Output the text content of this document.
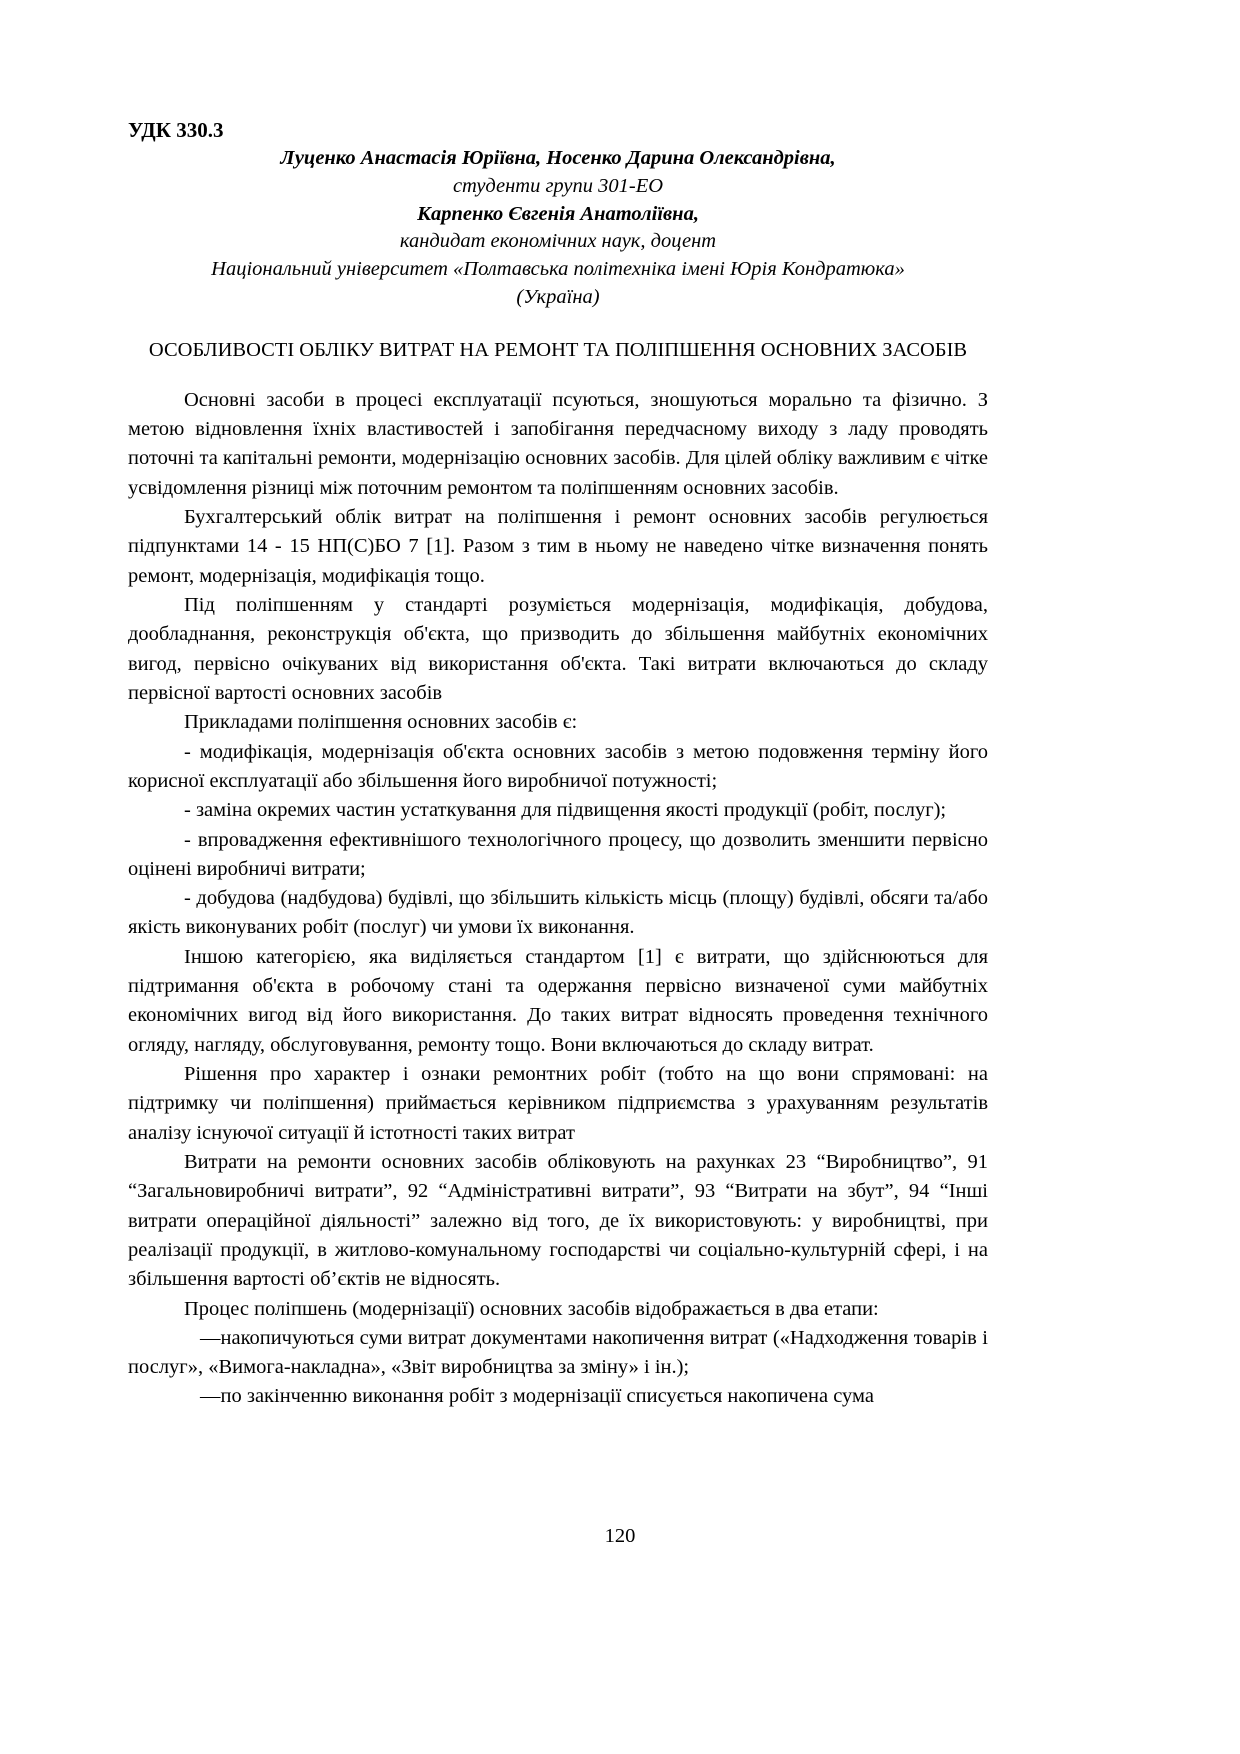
УДК 330.3
Луценко Анастасія Юріївна, Носенко Дарина Олександрівна,
студенти групи 301-ЕО
Карпенко Євгенія Анатоліївна,
кандидат економічних наук, доцент
Національний університет «Полтавська політехніка імені Юрія Кондратюка»
(Україна)
ОСОБЛИВОСТІ ОБЛІКУ ВИТРАТ НА РЕМОНТ ТА ПОЛІПШЕННЯ ОСНОВНИХ ЗАСОБІВ

Основні засоби в процесі експлуатації псуються, зношуються морально та фізично. З метою відновлення їхніх властивостей і запобігання передчасному виходу з ладу проводять поточні та капітальні ремонти, модернізацію основних засобів. Для цілей обліку важливим є чітке усвідомлення різниці між поточним ремонтом та поліпшенням основних засобів.

Бухгалтерський облік витрат на поліпшення і ремонт основних засобів регулюється підпунктами 14 - 15 НП(С)БО 7 [1]. Разом з тим в ньому не наведено чітке визначення понять ремонт, модернізація, модифікація тощо.

Під поліпшенням у стандарті розуміється модернізація, модифікація, добудова, дообладнання, реконструкція об'єкта, що призводить до збільшення майбутніх економічних вигод, первісно очікуваних від використання об'єкта. Такі витрати включаються до складу первісної вартості основних засобів

Прикладами поліпшення основних засобів є:

- модифікація, модернізація об'єкта основних засобів з метою подовження терміну його корисної експлуатації або збільшення його виробничої потужності;

- заміна окремих частин устаткування для підвищення якості продукції (робіт, послуг);

- впровадження ефективнішого технологічного процесу, що дозволить зменшити первісно оцінені виробничі витрати;

- добудова (надбудова) будівлі, що збільшить кількість місць (площу) будівлі, обсяги та/або якість виконуваних робіт (послуг) чи умови їх виконання.

Іншою категорією, яка виділяється стандартом [1] є витрати, що здійснюються для підтримання об'єкта в робочому стані та одержання первісно визначеної суми майбутніх економічних вигод від його використання. До таких витрат відносять проведення технічного огляду, нагляду, обслуговування, ремонту тощо. Вони включаються до складу витрат.

Рішення про характер і ознаки ремонтних робіт (тобто на що вони спрямовані: на підтримку чи поліпшення) приймається керівником підприємства з урахуванням результатів аналізу існуючої ситуації й істотності таких витрат

Витрати на ремонти основних засобів обліковують на рахунках 23 “Виробництво”, 91 “Загальновиробничі витрати”, 92 “Адміністративні витрати”, 93 “Витрати на збут”, 94 “Інші витрати операційної діяльності” залежно від того, де їх використовують: у виробництві, при реалізації продукції, в житлово-комунальному господарстві чи соціально-культурній сфері, і на збільшення вартості об’єктів не відносять.

Процес поліпшень (модернізації) основних засобів відображається в два етапи:

—накопичуються суми витрат документами накопичення витрат («Надходження товарів і послуг», «Вимога-накладна», «Звіт виробництва за зміну» і ін.);

—по закінченню виконання робіт з модернізації списується накопичена сума

120
